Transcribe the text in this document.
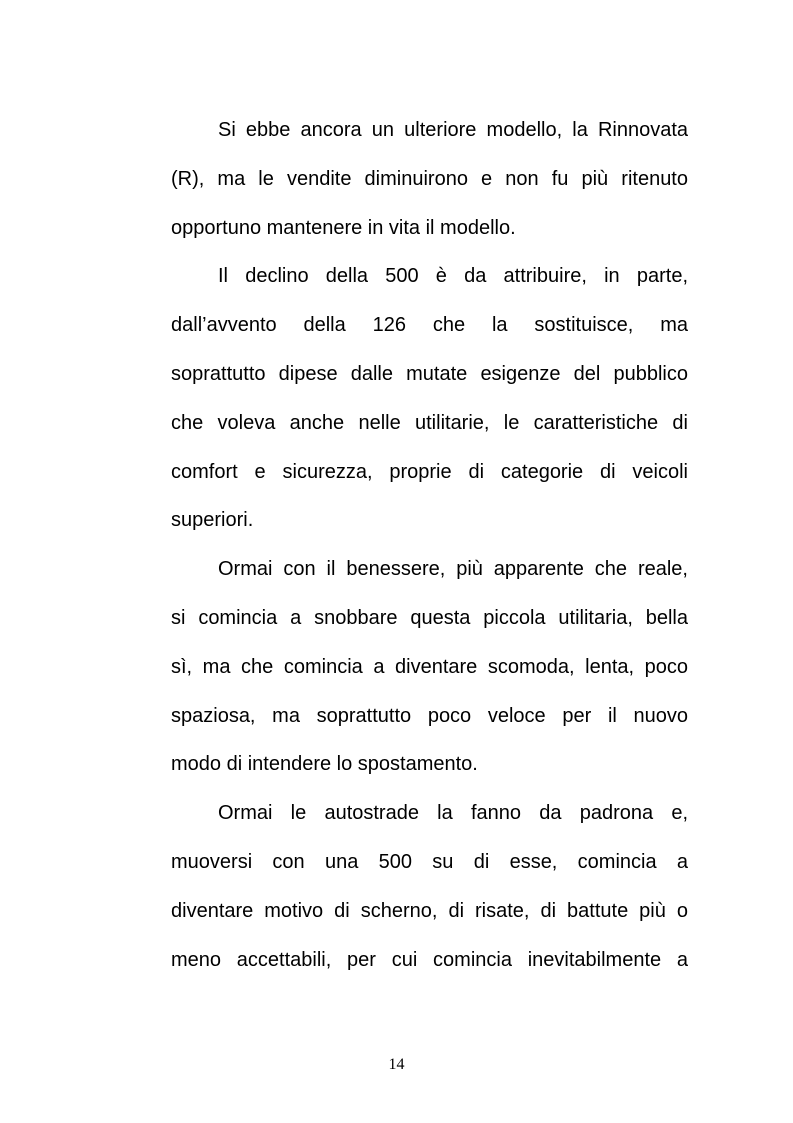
Si ebbe ancora un ulteriore modello, la Rinnovata
(R), ma le vendite diminuirono e non fu più ritenuto
opportuno mantenere in vita il modello.
Il declino della 500 è da attribuire, in parte,
dall’avvento della 126 che la sostituisce, ma
soprattutto dipese dalle mutate esigenze del pubblico
che voleva anche nelle utilitarie, le caratteristiche di
comfort e sicurezza, proprie di categorie di veicoli
superiori.
Ormai con il benessere, più apparente che reale,
si comincia a snobbare questa piccola utilitaria, bella
sì, ma che comincia a diventare scomoda, lenta, poco
spaziosa, ma soprattutto poco veloce per il nuovo
modo di intendere lo spostamento.
Ormai le autostrade la fanno da padrona e,
muoversi con una 500 su di esse, comincia a
diventare motivo di scherno, di risate, di battute più o
meno accettabili, per cui comincia inevitabilmente a
14
